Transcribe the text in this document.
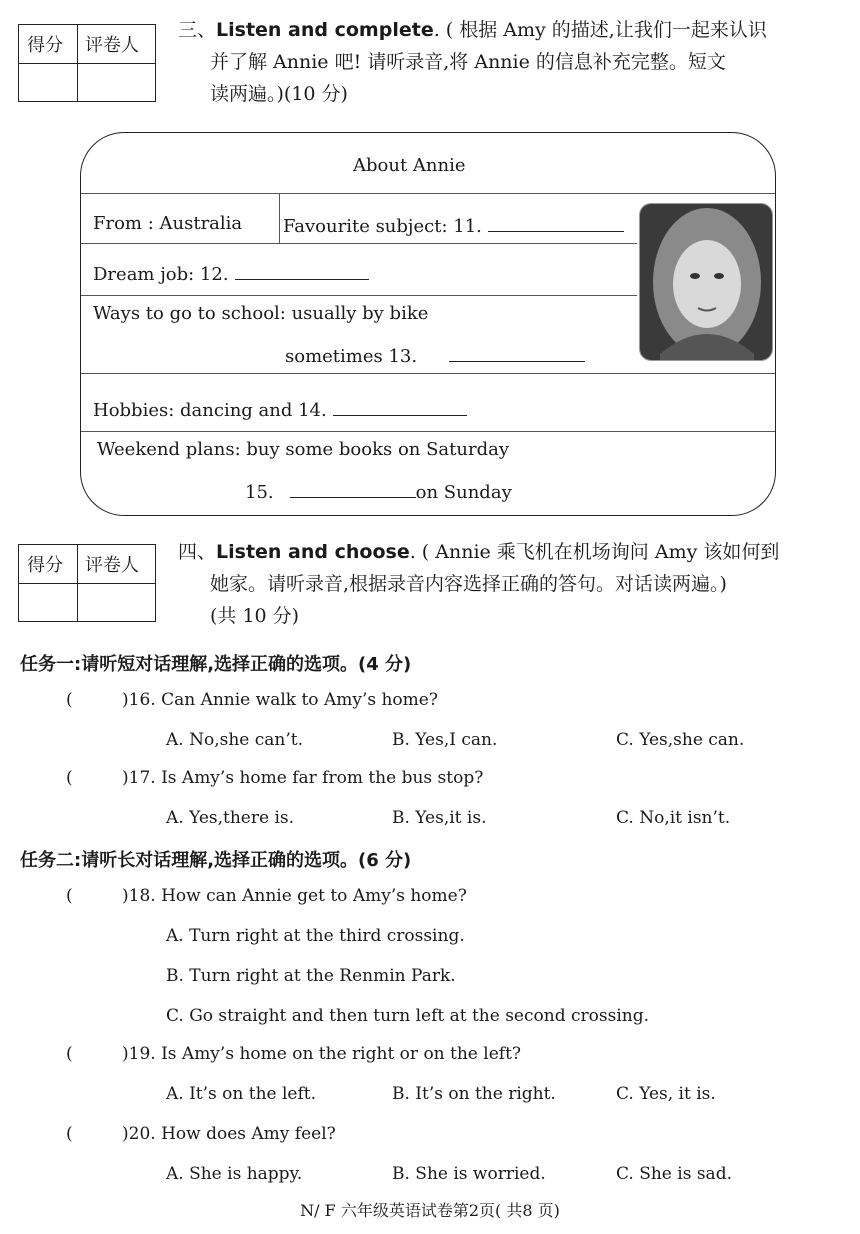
得分 评卷人
三、Listen and complete. ( 根据 Amy 的描述,让我们一起来认识
并了解 Annie 吧! 请听录音,将 Annie 的信息补充完整。短文
读两遍。)(10 分)
About Annie
From : Australia Favourite subject: 11.
Dream job: 12.
Ways to go to school: usually by bike
sometimes 13.
Hobbies: dancing and 14.
Weekend plans: buy some books on Saturday
15.	on Sunday
得分 评卷人
四、Listen and choose. ( Annie 乘飞机在机场询问 Amy 该如何到
她家。请听录音,根据录音内容选择正确的答句。对话读两遍。)
(共 10 分)
任务一:请听短对话理解,选择正确的选项。(4 分)
(	)16. Can Annie walk to Amy’s home?
A. No,she can’t.	B. Yes,I can.	C. Yes,she can.
(	)17. Is Amy’s home far from the bus stop?
A. Yes,there is.	B. Yes,it is.	C. No,it isn’t.
任务二:请听长对话理解,选择正确的选项。(6 分)
(	)18. How can Annie get to Amy’s home?
A. Turn right at the third crossing.
B. Turn right at the Renmin Park.
C. Go straight and then turn left at the second crossing.
(	)19. Is Amy’s home on the right or on the left?
A. It’s on the left.	B. It’s on the right.	C. Yes, it is.
(	)20. How does Amy feel?
A. She is happy.	B. She is worried.	C. She is sad.
N/ F 六年级英语试卷第2页( 共8 页)
